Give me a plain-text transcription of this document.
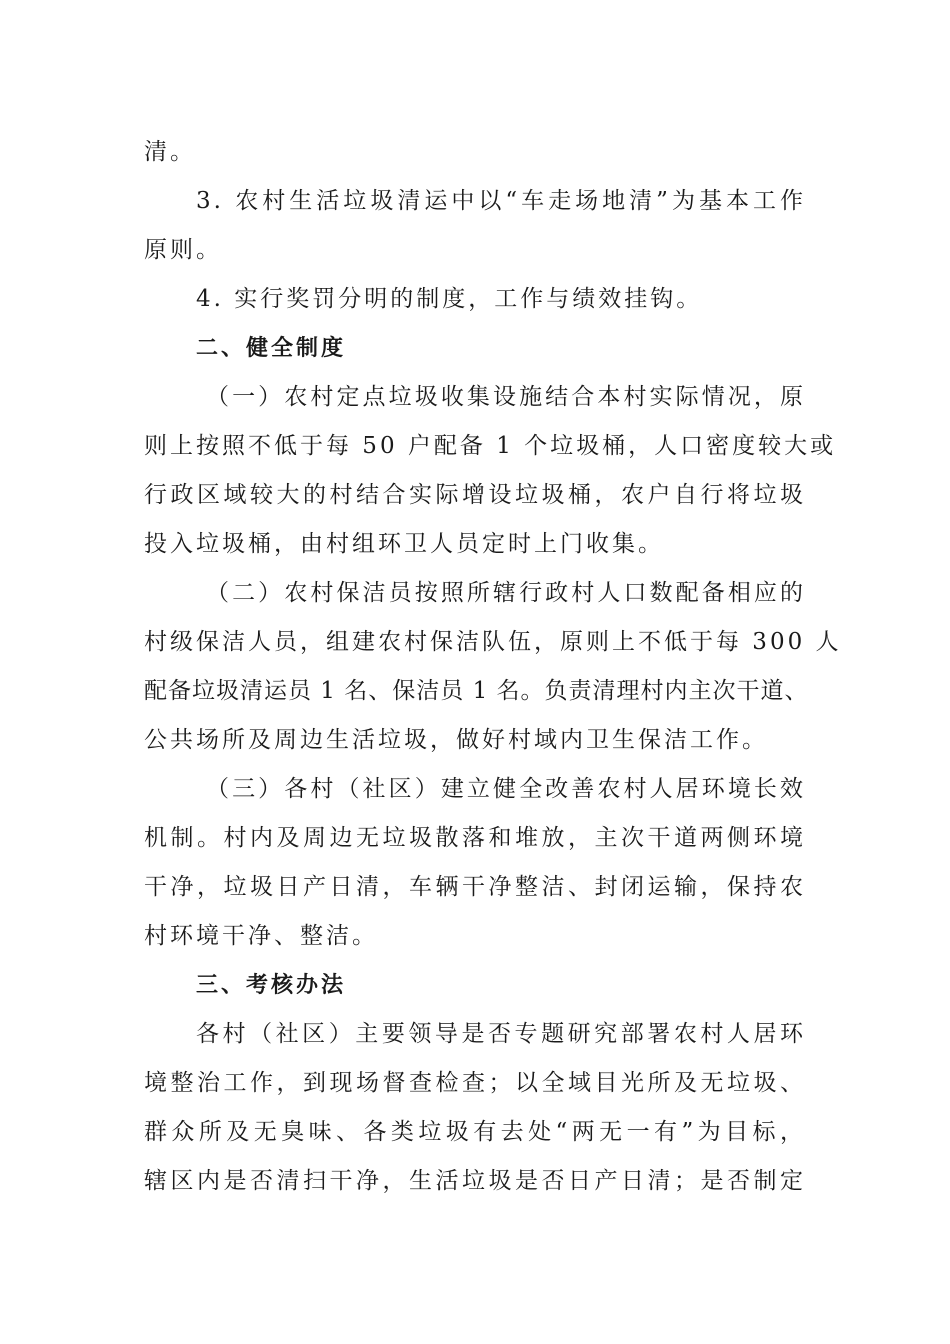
清。
3. 农村生活垃圾清运中以“车走场地清”为基本工作
原则。
4. 实行奖罚分明的制度，工作与绩效挂钩。
二、健全制度
（一）农村定点垃圾收集设施结合本村实际情况，原
则上按照不低于每 50 户配备 1 个垃圾桶，人口密度较大或
行政区域较大的村结合实际增设垃圾桶，农户自行将垃圾
投入垃圾桶，由村组环卫人员定时上门收集。
（二）农村保洁员按照所辖行政村人口数配备相应的
村级保洁人员，组建农村保洁队伍，原则上不低于每 300 人
配备垃圾清运员 1 名、保洁员 1 名。负责清理村内主次干道、
公共场所及周边生活垃圾，做好村域内卫生保洁工作。
（三）各村（社区）建立健全改善农村人居环境长效
机制。村内及周边无垃圾散落和堆放，主次干道两侧环境
干净，垃圾日产日清，车辆干净整洁、封闭运输，保持农
村环境干净、整洁。
三、考核办法
各村（社区）主要领导是否专题研究部署农村人居环
境整治工作，到现场督查检查；以全域目光所及无垃圾、
群众所及无臭味、各类垃圾有去处“两无一有”为目标，
辖区内是否清扫干净，生活垃圾是否日产日清；是否制定
